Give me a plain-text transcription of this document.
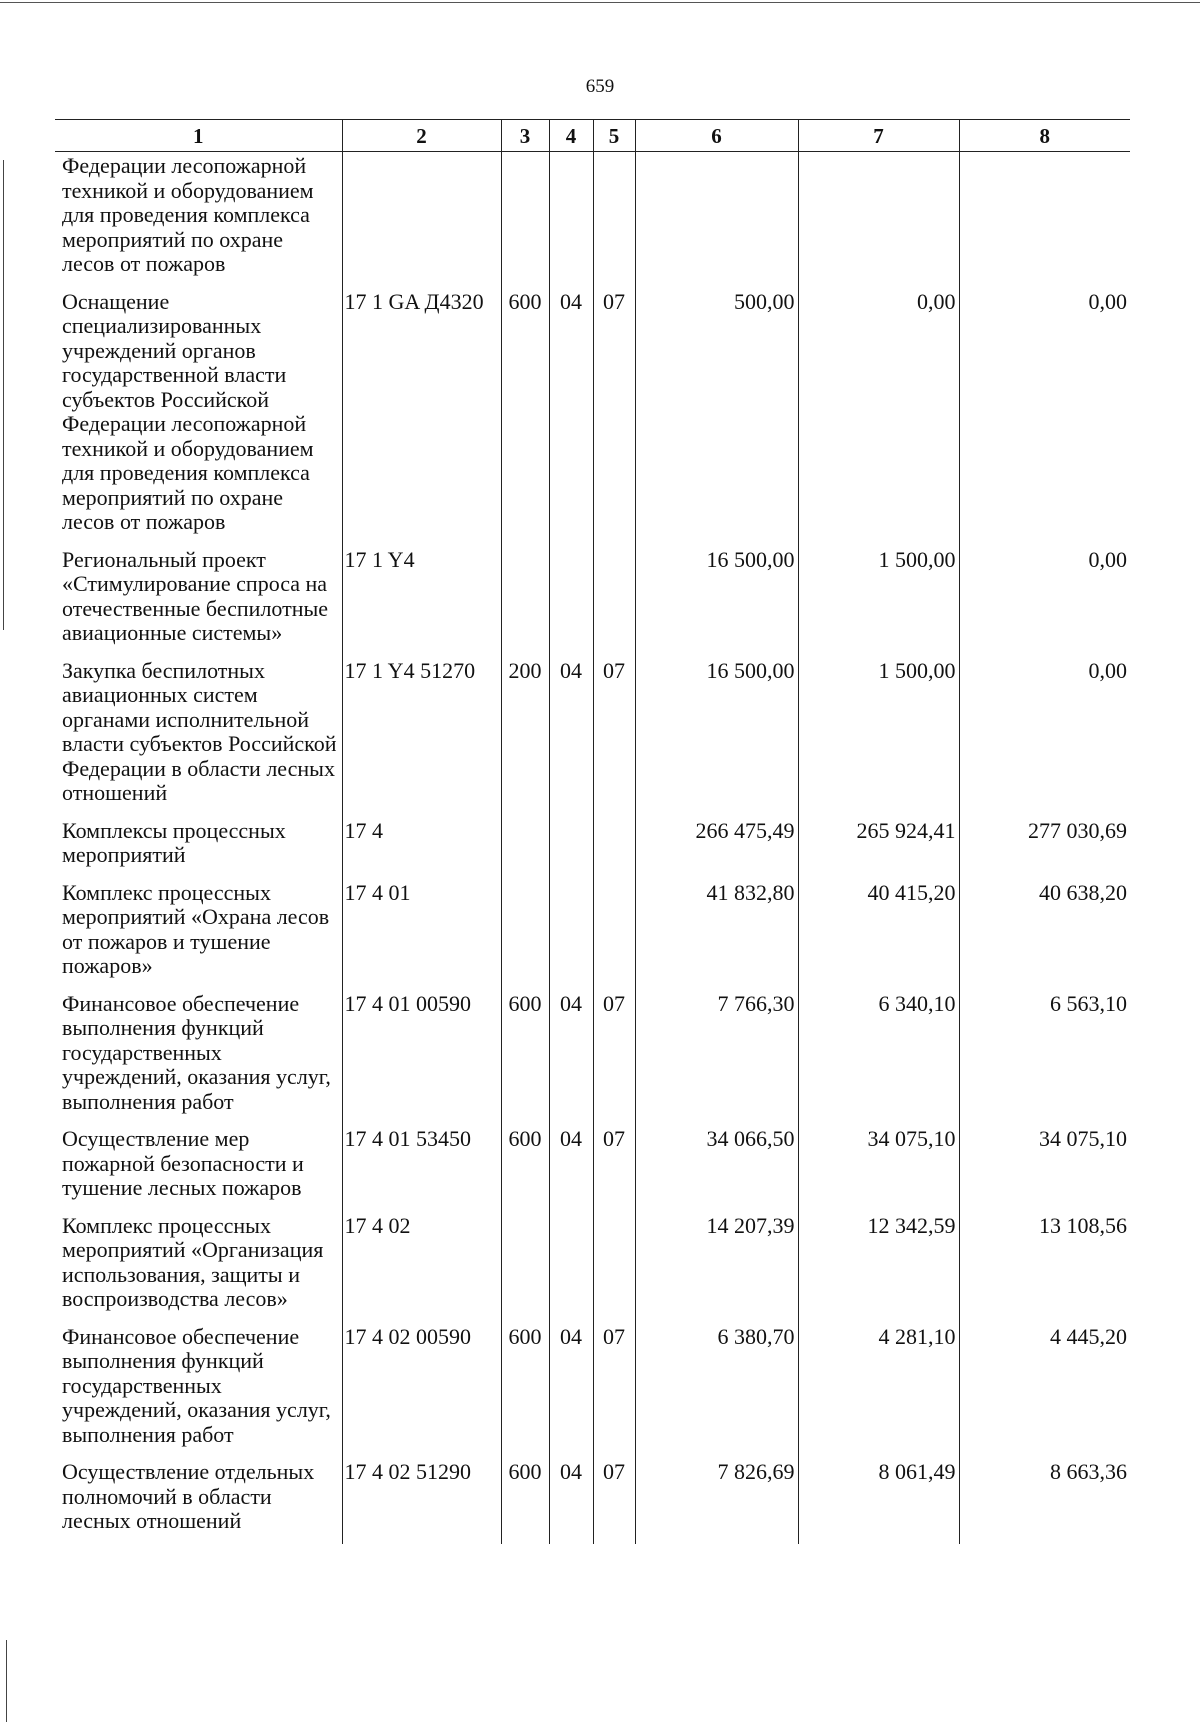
659
1	2	3	4	5	6	7	8
Федерации лесопожарной техникой и оборудованием для проведения комплекса мероприятий по охране лесов от пожаров							
Оснащение специализированных учреждений органов государственной власти субъектов Российской Федерации лесопожарной техникой и оборудованием для проведения комплекса мероприятий по охране лесов от пожаров	17 1 GA Д4320	600	04	07	500,00	0,00	0,00
Региональный проект «Стимулирование спроса на отечественные беспилотные авиационные системы»	17 1 Y4				16 500,00	1 500,00	0,00
Закупка беспилотных авиационных систем органами исполнительной власти субъектов Российской Федерации в области лесных отношений	17 1 Y4 51270	200	04	07	16 500,00	1 500,00	0,00
Комплексы процессных мероприятий	17 4				266 475,49	265 924,41	277 030,69
Комплекс процессных мероприятий «Охрана лесов от пожаров и тушение пожаров»	17 4 01				41 832,80	40 415,20	40 638,20
Финансовое обеспечение выполнения функций государственных учреждений, оказания услуг, выполнения работ	17 4 01 00590	600	04	07	7 766,30	6 340,10	6 563,10
Осуществление мер пожарной безопасности и тушение лесных пожаров	17 4 01 53450	600	04	07	34 066,50	34 075,10	34 075,10
Комплекс процессных мероприятий «Организация использования, защиты и воспроизводства лесов»	17 4 02				14 207,39	12 342,59	13 108,56
Финансовое обеспечение выполнения функций государственных учреждений, оказания услуг, выполнения работ	17 4 02 00590	600	04	07	6 380,70	4 281,10	4 445,20
Осуществление отдельных полномочий в области лесных отношений	17 4 02 51290	600	04	07	7 826,69	8 061,49	8 663,36
